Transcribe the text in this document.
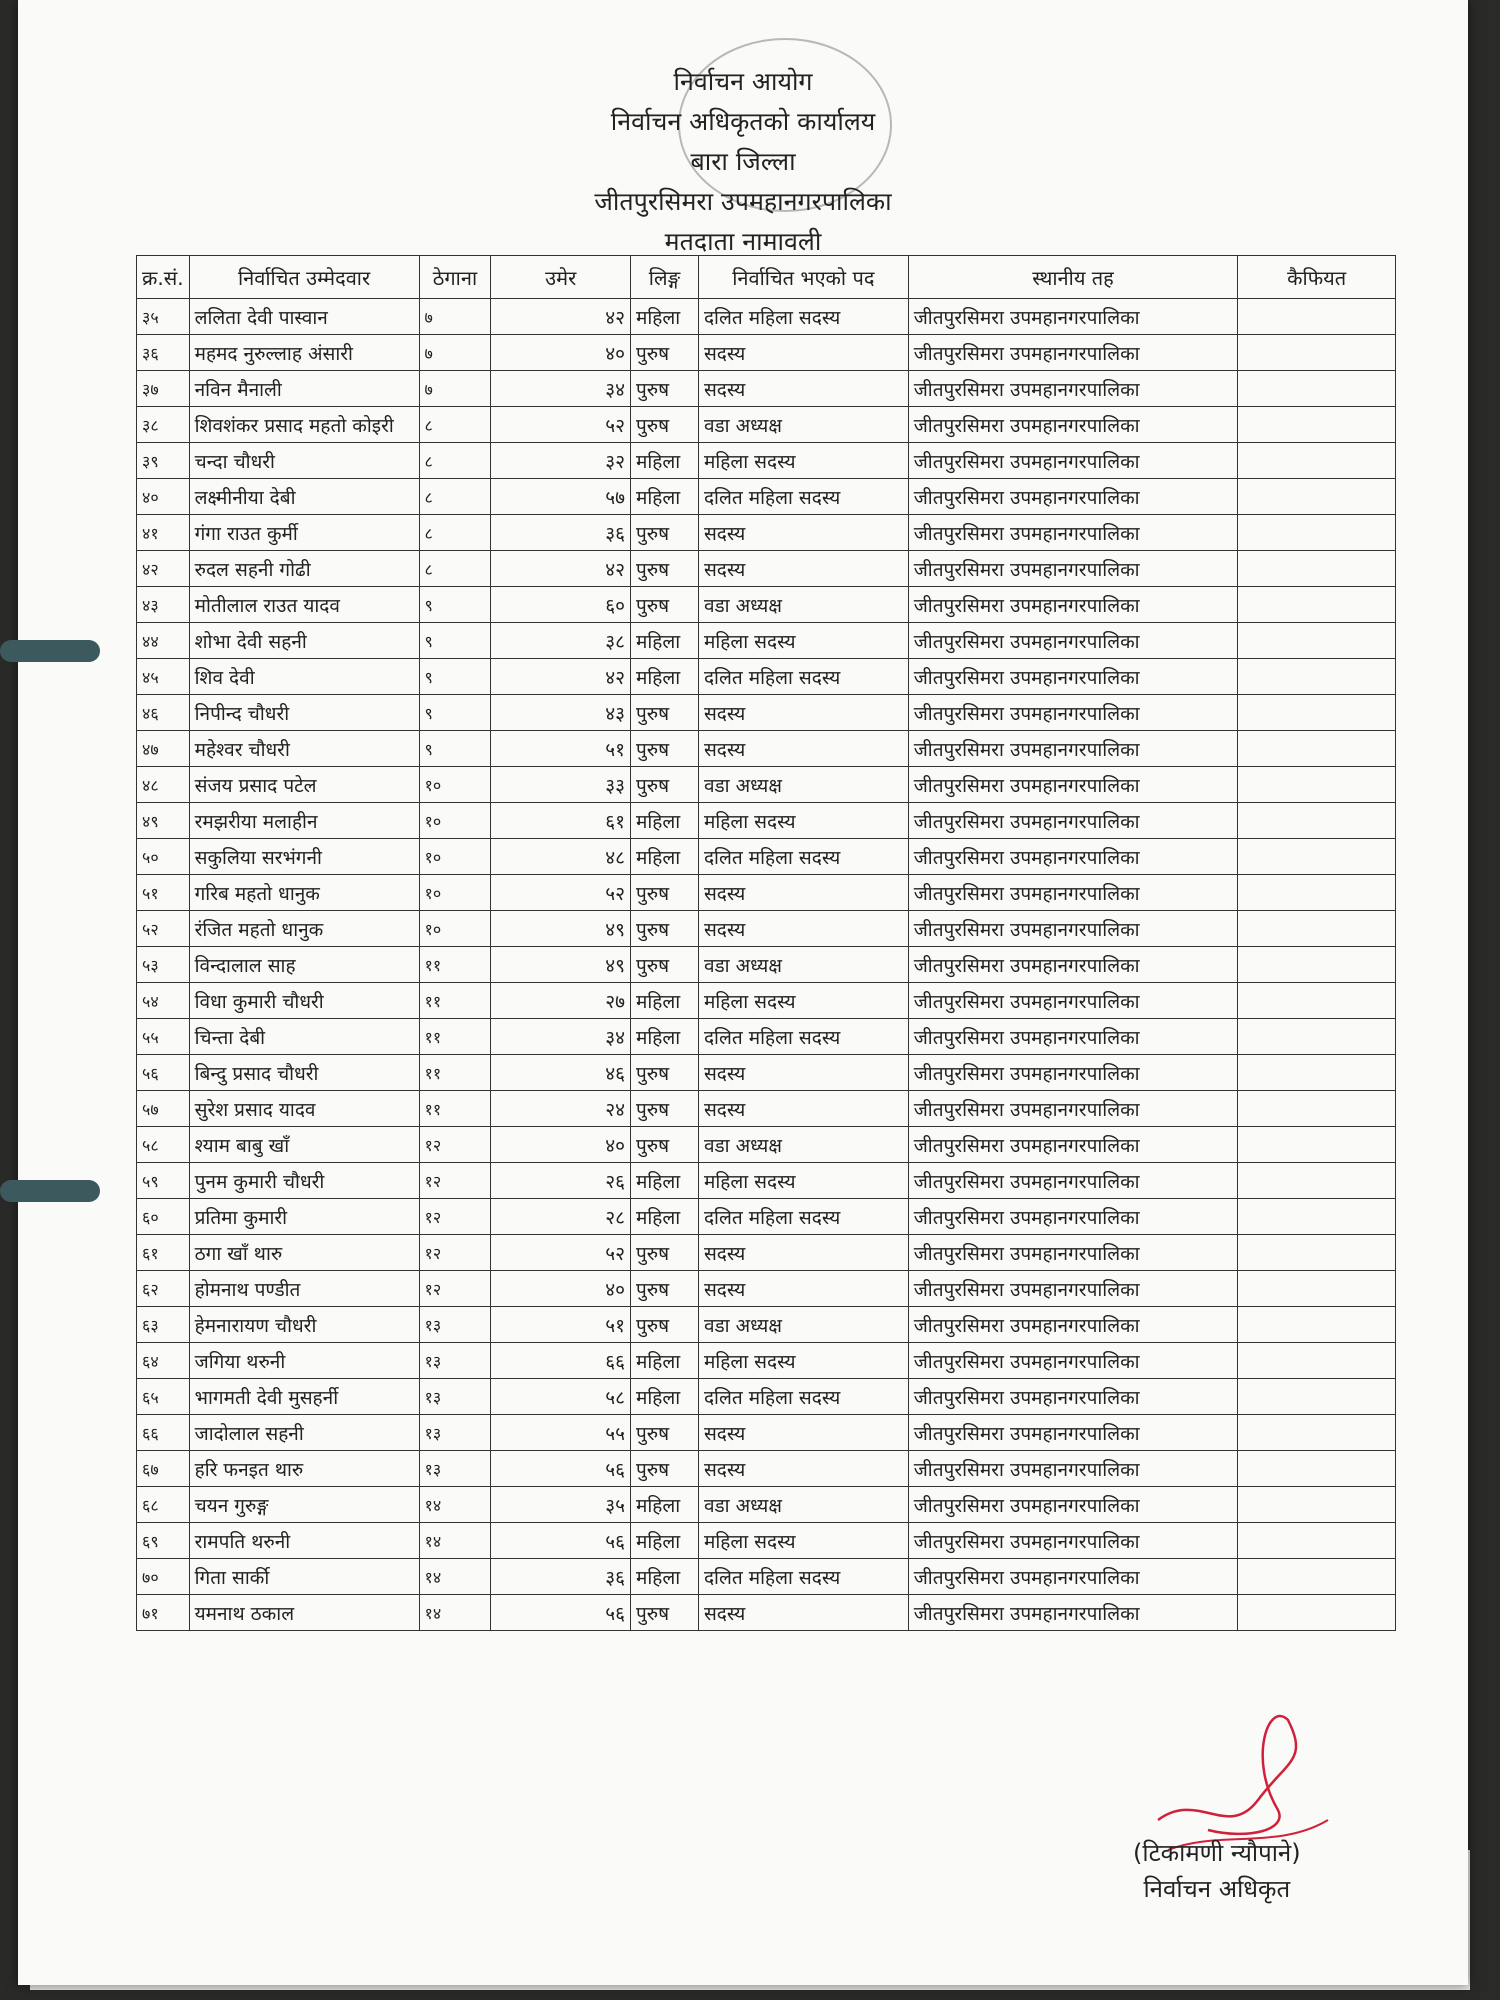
निर्वाचन आयोग
निर्वाचन अधिकृतको कार्यालय
बारा जिल्ला
जीतपुरसिमरा उपमहानगरपालिका
मतदाता नामावली
क्र.सं.	निर्वाचित उम्मेदवार	ठेगाना	उमेर	लिङ्ग	निर्वाचित भएको पद	स्थानीय तह	कैफियत
३५	ललिता देवी पास्वान	७	४२	महिला	दलित महिला सदस्य	जीतपुरसिमरा उपमहानगरपालिका	
३६	महमद नुरुल्लाह अंसारी	७	४०	पुरुष	सदस्य	जीतपुरसिमरा उपमहानगरपालिका	
३७	नविन मैनाली	७	३४	पुरुष	सदस्य	जीतपुरसिमरा उपमहानगरपालिका	
३८	शिवशंकर प्रसाद महतो कोइरी	८	५२	पुरुष	वडा अध्यक्ष	जीतपुरसिमरा उपमहानगरपालिका	
३९	चन्दा चौधरी	८	३२	महिला	महिला सदस्य	जीतपुरसिमरा उपमहानगरपालिका	
४०	लक्ष्मीनीया देबी	८	५७	महिला	दलित महिला सदस्य	जीतपुरसिमरा उपमहानगरपालिका	
४१	गंगा राउत कुर्मी	८	३६	पुरुष	सदस्य	जीतपुरसिमरा उपमहानगरपालिका	
४२	रुदल सहनी गोढी	८	४२	पुरुष	सदस्य	जीतपुरसिमरा उपमहानगरपालिका	
४३	मोतीलाल राउत यादव	९	६०	पुरुष	वडा अध्यक्ष	जीतपुरसिमरा उपमहानगरपालिका	
४४	शोभा देवी सहनी	९	३८	महिला	महिला सदस्य	जीतपुरसिमरा उपमहानगरपालिका	
४५	शिव देवी	९	४२	महिला	दलित महिला सदस्य	जीतपुरसिमरा उपमहानगरपालिका	
४६	निपीन्द चौधरी	९	४३	पुरुष	सदस्य	जीतपुरसिमरा उपमहानगरपालिका	
४७	महेश्वर चौधरी	९	५१	पुरुष	सदस्य	जीतपुरसिमरा उपमहानगरपालिका	
४८	संजय प्रसाद पटेल	१०	३३	पुरुष	वडा अध्यक्ष	जीतपुरसिमरा उपमहानगरपालिका	
४९	रमझरीया मलाहीन	१०	६१	महिला	महिला सदस्य	जीतपुरसिमरा उपमहानगरपालिका	
५०	सकुलिया सरभंगनी	१०	४८	महिला	दलित महिला सदस्य	जीतपुरसिमरा उपमहानगरपालिका	
५१	गरिब महतो धानुक	१०	५२	पुरुष	सदस्य	जीतपुरसिमरा उपमहानगरपालिका	
५२	रंजित महतो धानुक	१०	४९	पुरुष	सदस्य	जीतपुरसिमरा उपमहानगरपालिका	
५३	विन्दालाल साह	११	४९	पुरुष	वडा अध्यक्ष	जीतपुरसिमरा उपमहानगरपालिका	
५४	विधा कुमारी चौधरी	११	२७	महिला	महिला सदस्य	जीतपुरसिमरा उपमहानगरपालिका	
५५	चिन्ता देबी	११	३४	महिला	दलित महिला सदस्य	जीतपुरसिमरा उपमहानगरपालिका	
५६	बिन्दु प्रसाद चौधरी	११	४६	पुरुष	सदस्य	जीतपुरसिमरा उपमहानगरपालिका	
५७	सुरेश प्रसाद यादव	११	२४	पुरुष	सदस्य	जीतपुरसिमरा उपमहानगरपालिका	
५८	श्याम बाबु खाँ	१२	४०	पुरुष	वडा अध्यक्ष	जीतपुरसिमरा उपमहानगरपालिका	
५९	पुनम कुमारी चौधरी	१२	२६	महिला	महिला सदस्य	जीतपुरसिमरा उपमहानगरपालिका	
६०	प्रतिमा कुमारी	१२	२८	महिला	दलित महिला सदस्य	जीतपुरसिमरा उपमहानगरपालिका	
६१	ठगा खाँ थारु	१२	५२	पुरुष	सदस्य	जीतपुरसिमरा उपमहानगरपालिका	
६२	होमनाथ पण्डीत	१२	४०	पुरुष	सदस्य	जीतपुरसिमरा उपमहानगरपालिका	
६३	हेमनारायण चौधरी	१३	५१	पुरुष	वडा अध्यक्ष	जीतपुरसिमरा उपमहानगरपालिका	
६४	जगिया थरुनी	१३	६६	महिला	महिला सदस्य	जीतपुरसिमरा उपमहानगरपालिका	
६५	भागमती देवी मुसहर्नी	१३	५८	महिला	दलित महिला सदस्य	जीतपुरसिमरा उपमहानगरपालिका	
६६	जादोलाल सहनी	१३	५५	पुरुष	सदस्य	जीतपुरसिमरा उपमहानगरपालिका	
६७	हरि फनइत थारु	१३	५६	पुरुष	सदस्य	जीतपुरसिमरा उपमहानगरपालिका	
६८	चयन गुरुङ्ग	१४	३५	महिला	वडा अध्यक्ष	जीतपुरसिमरा उपमहानगरपालिका	
६९	रामपति थरुनी	१४	५६	महिला	महिला सदस्य	जीतपुरसिमरा उपमहानगरपालिका	
७०	गिता सार्की	१४	३६	महिला	दलित महिला सदस्य	जीतपुरसिमरा उपमहानगरपालिका	
७१	यमनाथ ठकाल	१४	५६	पुरुष	सदस्य	जीतपुरसिमरा उपमहानगरपालिका	
(टिकामणी न्यौपाने)
निर्वाचन अधिकृत
